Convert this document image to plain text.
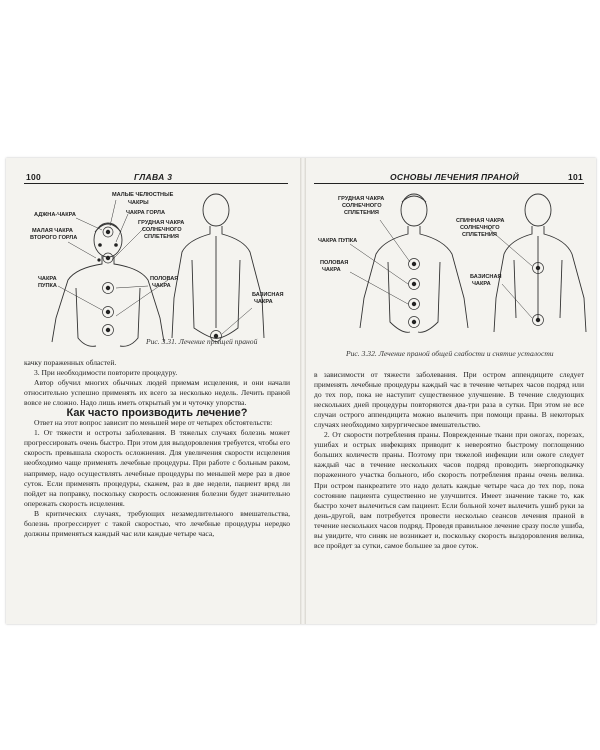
100	ГЛАВА 3
АДЖНА-ЧАКРА
МАЛЫЕ ЧЕЛЮСТНЫЕ
ЧАКРЫ
ЧАКРА ГОРЛА
МАЛАЯ ЧАКРА
ВТОРОГО ГОРЛА
ГРУДНАЯ ЧАКРА
СОЛНЕЧНОГО
СПЛЕТЕНИЯ
ЧАКРА
ПУПКА
ПОЛОВАЯ
ЧАКРА
БАЗИСНАЯ
ЧАКРА
Рис. 3.31. Лечение прыщей праной

качку пораженных областей.

3. При необходимости повторите процедуру.

Автор обучил многих обычных людей приемам исцеления, и они начали относительно успешно применять их всего за несколько недель. Лечить праной вовсе не сложно. Надо лишь иметь открытый ум и чуточку упорства.

Как часто производить лечение?

Ответ на этот вопрос зависит по меньшей мере от четырех обстоятельств:

1. От тяжести и остроты заболевания. В тяжелых случаях болезнь может прогрессировать очень быстро. При этом для выздоровления требуется, чтобы его скорость превышала скорость осложнения. Для увеличения скорости исцеления необходимо чаще применять лечебные процедуры. При работе с больным раком, например, надо осуществлять лечебные процедуры по меньшей мере раз в двое суток. Если применять процедуры, скажем, раз в две недели, пациент вряд ли пойдет на поправку, поскольку скорость осложнения болезни будет значительно опережать скорость исцеления.

В критических случаях, требующих незамедлительного вмешательства, болезнь прогрессирует с такой скоростью, что лечебные процедуры нередко должны применяться каждый час или каждые четыре часа,

ОСНОВЫ ЛЕЧЕНИЯ ПРАНОЙ	101
ГРУДНАЯ ЧАКРА
СОЛНЕЧНОГО
СПЛЕТЕНИЯ
ЧАКРА ПУПКА
ПОЛОВАЯ
ЧАКРА
СПИННАЯ ЧАКРА
СОЛНЕЧНОГО
СПЛЕТЕНИЯ
БАЗИСНАЯ
ЧАКРА
Рис. 3.32. Лечение праной общей слабости и снятие усталости

в зависимости от тяжести заболевания. При остром аппендиците следует применять лечебные процедуры каждый час в течение четырех часов подряд или до тех пор, пока не наступит существенное улучшение. В течение следующих нескольких дней процедуры повторяются два-три раза в сутки. При этом не все случаи острого аппендицита можно вылечить при помощи праны. В некоторых случаях необходимо хирургическое вмешательство.

2. От скорости потребления праны. Поврежденные ткани при ожогах, порезах, ушибах и острых инфекциях приводит к невероятно быстрому поглощению больших количеств праны. Поэтому при тяжелой инфекции или ожоге следует каждый час в течение нескольких часов подряд проводить энергоподкачку пораженного участка больного, ибо скорость потребления праны очень велика. При остром панкреатите это надо делать каждые четыре часа до тех пор, пока состояние пациента существенно не улучшится. Имеет значение также то, как быстро хочет вылечиться сам пациент. Если больной хочет вылечить ушиб руки за день-другой, вам потребуется провести несколько сеансов лечения праной в течение нескольких часов подряд. Проведя правильное лечение сразу после ушиба, вы увидите, что синяк не возникает и, поскольку скорость выздоровления велика, все пройдет за сутки, самое большее за двое суток.
